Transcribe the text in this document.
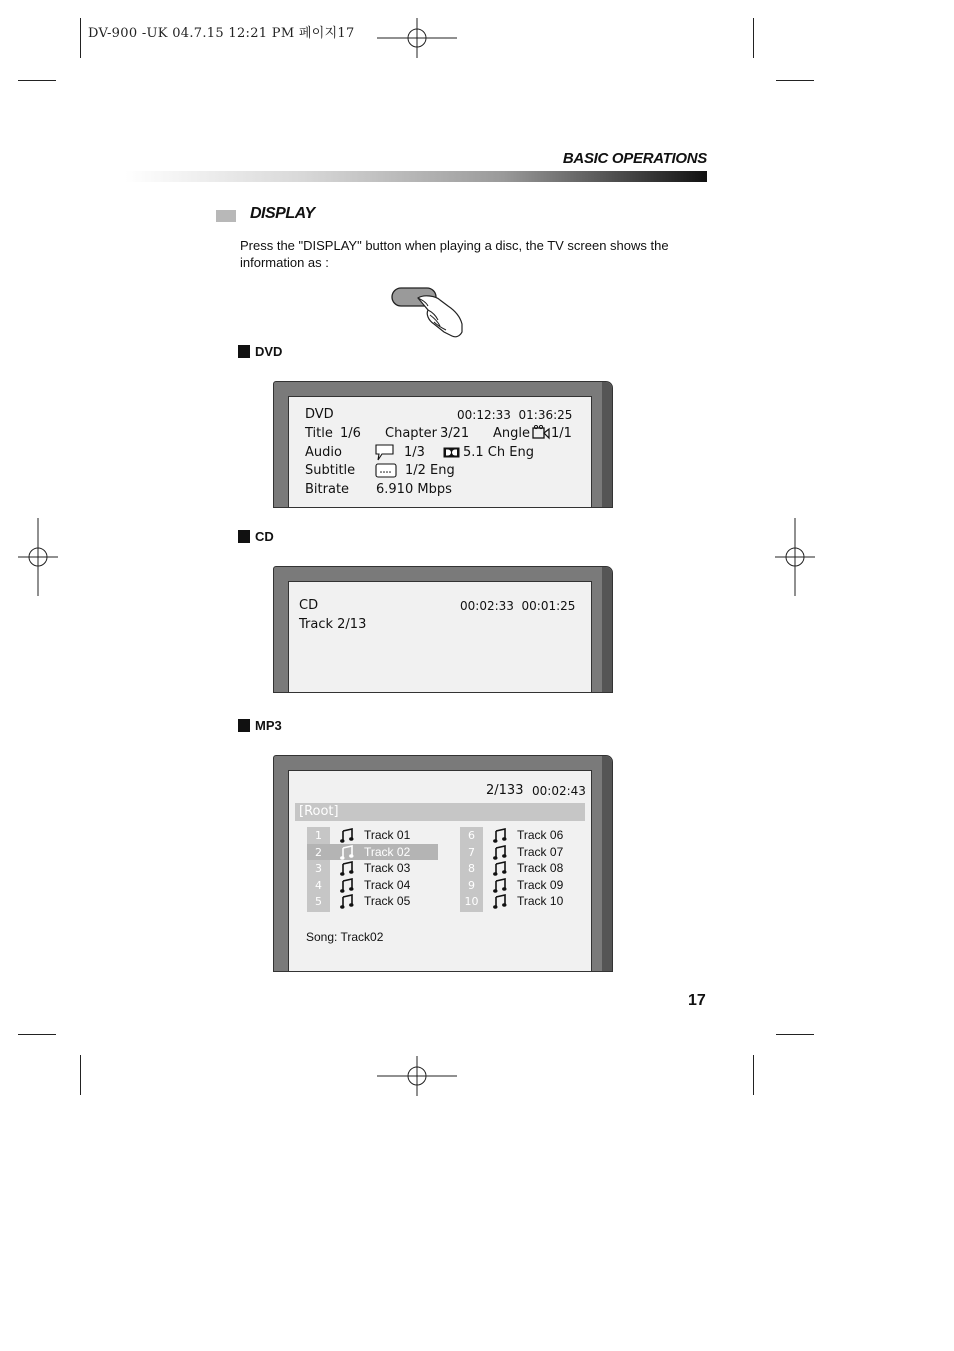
DV-900 -UK 04.7.15 12:21 PM 페이지17
BASIC OPERATIONS
DISPLAY
Press the "DISPLAY" button when playing a disc, the TV screen shows the information as :
DVD
DVD	00:12:33  01:36:25
Title 1/6 Chapter 3/21 Angle 1/1
Audio	1/3	5.1 Ch Eng
Subtitle	1/2 Eng
Bitrate 6.910 Mbps
CD
CD	00:02:33  00:01:25
Track 2/13
MP3
2/133 00:02:43
[Root]
1	Track 01
2	Track 02
3	Track 03
4	Track 04
5	Track 05
6	Track 06
7	Track 07
8	Track 08
9	Track 09
10	Track 10
Song: Track02
17
